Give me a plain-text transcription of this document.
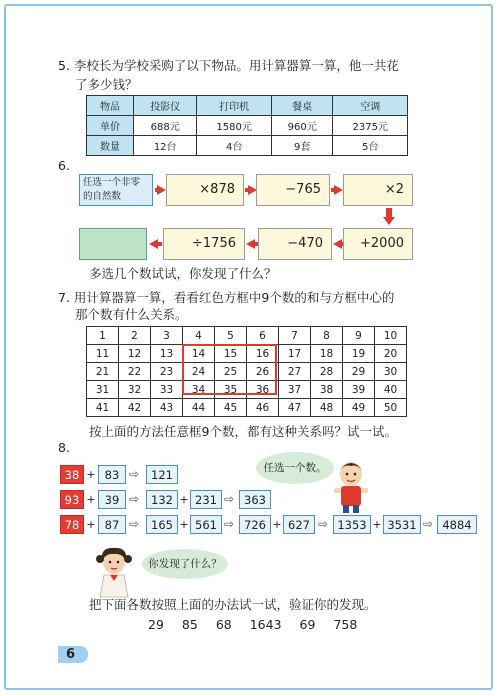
5. 李校长为学校采购了以下物品。用计算器算一算，他一共花
了多少钱？
物品	投影仪	打印机	餐桌	空调
单价	688元	1580元	960元	2375元
数量	12台	4台	9套	5台
6.
任选一个非零的自然数	×878	−765	×2
÷1756	−470	+2000
多选几个数试试，你发现了什么？
7. 用计算器算一算，看看红色方框中9个数的和与方框中心的
那个数有什么关系。
1	2	3	4	5	6	7	8	9	10
11	12	13	14	15	16	17	18	19	20
21	22	23	24	25	26	27	28	29	30
31	32	33	34	35	36	37	38	39	40
41	42	43	44	45	46	47	48	49	50
按上面的方法任意框9个数，都有这种关系吗？试一试。
8.
38 + 83 ⇨	121
93 + 39 ⇨	132 + 231 ⇨ 363
78 + 87 ⇨	165 + 561 ⇨ 726 + 627 ⇨ 1353 + 3531 ⇨ 4884
任选一个数。
你发现了什么？
把下面各数按照上面的办法试一试，验证你的发现。
29 85 68 1643 69 758
6
